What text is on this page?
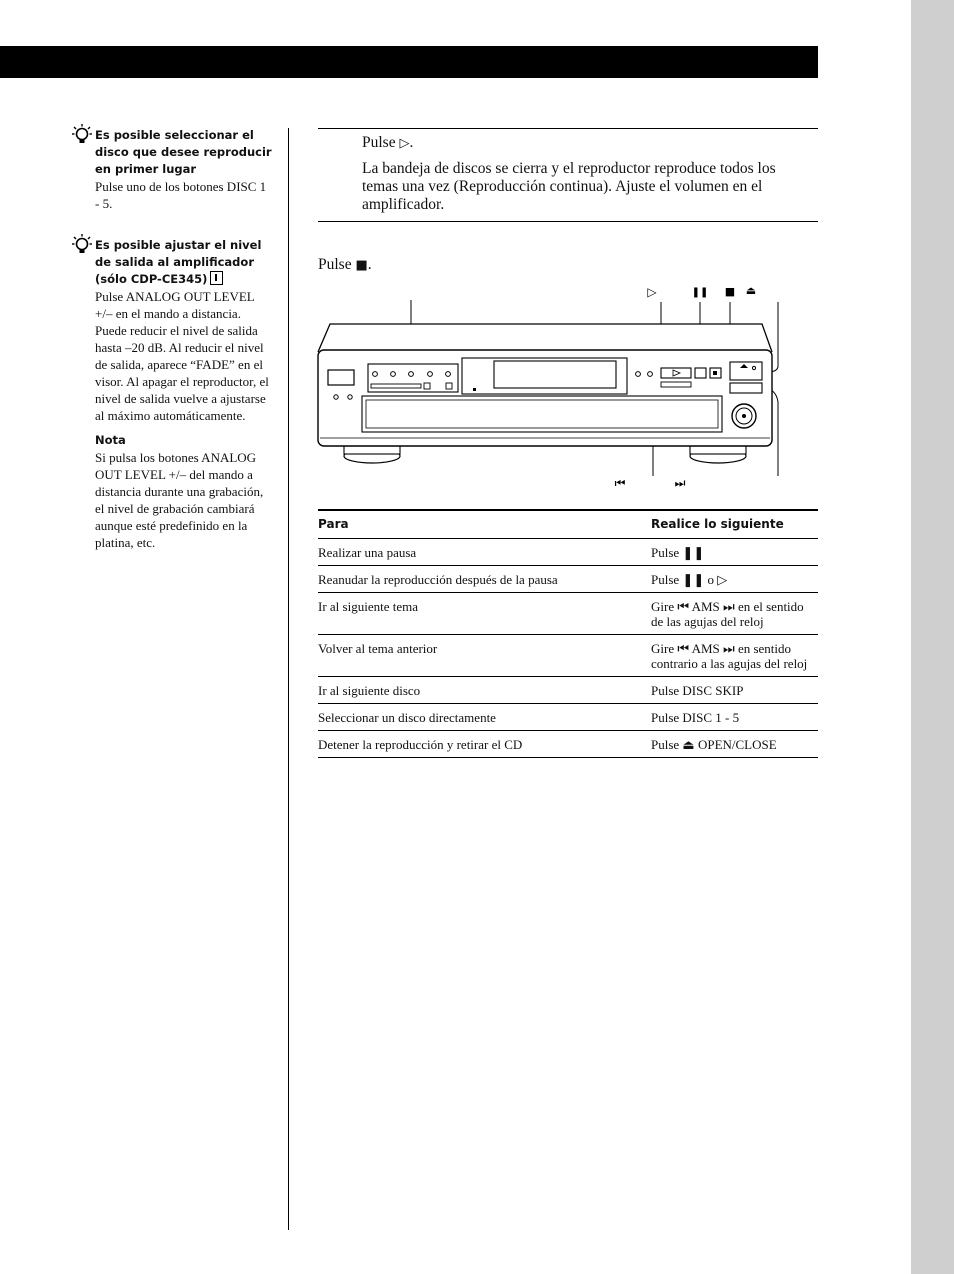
Es posible seleccionar el disco que desee reproducir en primer lugar
Pulse uno de los botones DISC 1 - 5.
Es posible ajustar el nivel de salida al amplificador (sólo CDP-CE345)
Pulse ANALOG OUT LEVEL +/– en el mando a distancia. Puede reducir el nivel de salida hasta –20 dB. Al reducir el nivel de salida, aparece “FADE” en el visor. Al apagar el reproductor, el nivel de salida vuelve a ajustarse al máximo automáticamente.
Nota
Si pulsa los botones ANALOG OUT LEVEL +/– del mando a distancia durante una grabación, el nivel de grabación cambiará aunque esté predefinido en la platina, etc.

Pulse ▷.

La bandeja de discos se cierra y el reproductor reproduce todos los temas una vez (Reproducción continua). Ajuste el volumen en el amplificador.

Pulse ■.
▷	❚❚ ■ ⏏
⏮	⏭
Para	Realice lo siguiente
Realizar una pausa	Pulse ❚❚
Reanudar la reproducción después de la pausa	Pulse ❚❚ o ▷
Ir al siguiente tema	Gire ⏮ AMS ⏭ en el sentido de las agujas del reloj
Volver al tema anterior	Gire ⏮ AMS ⏭ en sentido contrario a las agujas del reloj
Ir al siguiente disco	Pulse DISC SKIP
Seleccionar un disco directamente	Pulse DISC 1 - 5
Detener la reproducción y retirar el CD	Pulse ⏏ OPEN/CLOSE
